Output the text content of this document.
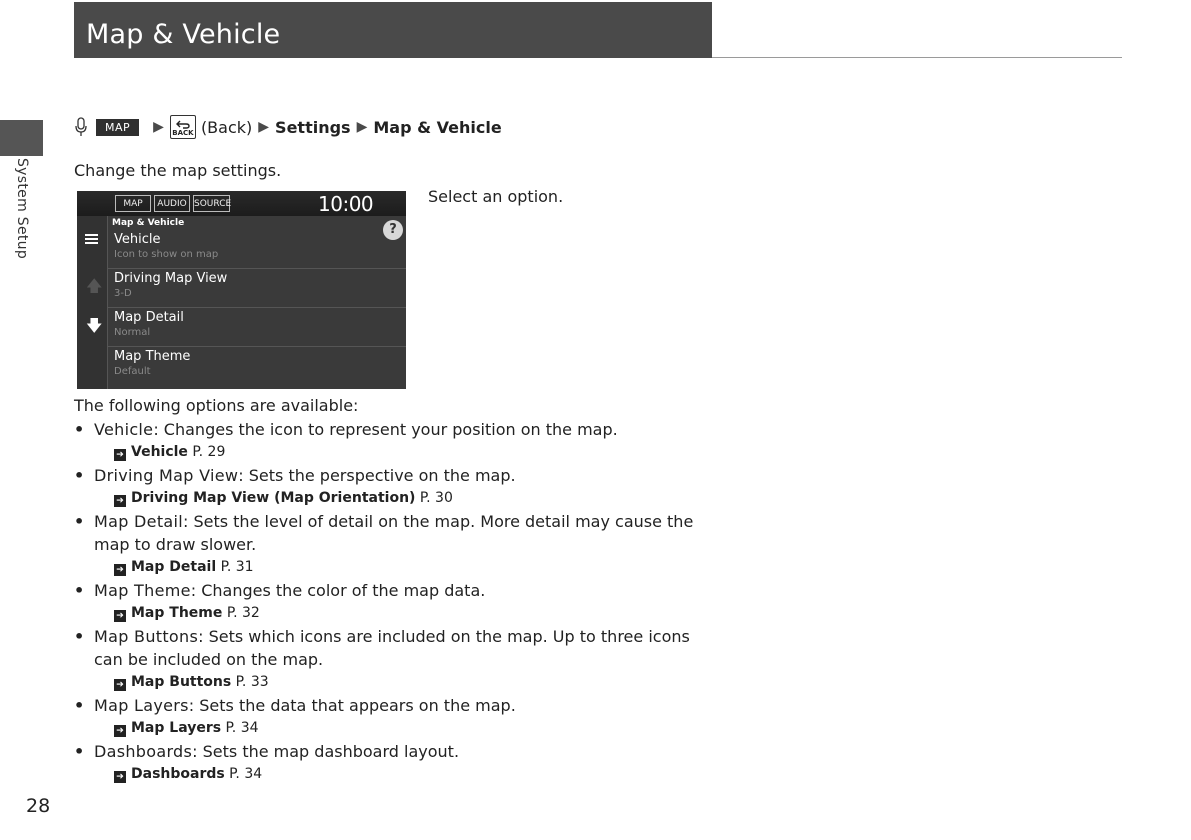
Map & Vehicle
System Setup
MAP	▶ BACK (Back) ▶ Settings ▶ Map & Vehicle
Change the map settings.
Select an option.
MAP	AUDIO SOURCE	10:00
🡅
🡇
Map & Vehicle	?
Vehicle
Icon to show on map
Driving Map View
3-D
Map Detail
Normal
Map Theme
Default
The following options are available:
• Vehicle: Changes the icon to represent your position on the map.
➔ Vehicle P. 29
• Driving Map View: Sets the perspective on the map.
➔ Driving Map View (Map Orientation) P. 30
• Map Detail: Sets the level of detail on the map. More detail may cause the map to draw slower.
➔ Map Detail P. 31
• Map Theme: Changes the color of the map data.
➔ Map Theme P. 32
• Map Buttons: Sets which icons are included on the map. Up to three icons can be included on the map.
➔ Map Buttons P. 33
• Map Layers: Sets the data that appears on the map.
➔ Map Layers P. 34
• Dashboards: Sets the map dashboard layout.
➔ Dashboards P. 34
28
